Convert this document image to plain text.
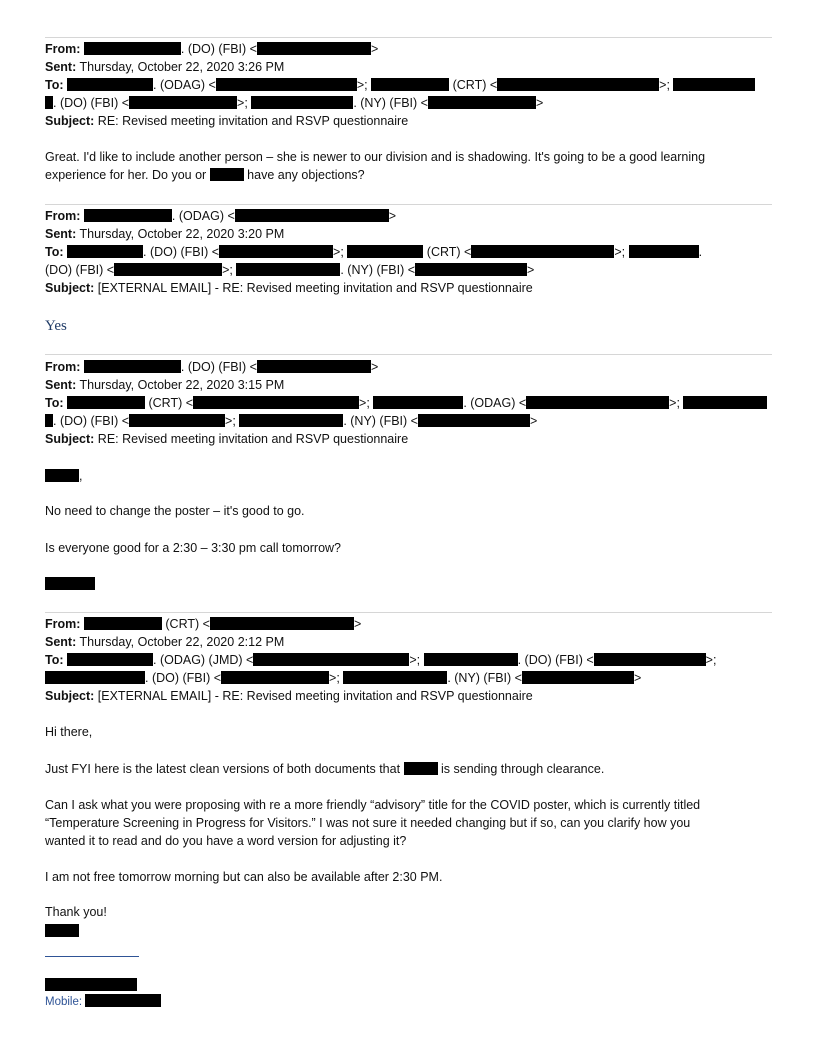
From:	. (DO) (FBI) <	>
Sent: Thursday, October 22, 2020 3:26 PM
To:	. (ODAG) <	>;	(CRT) <	>;
. (DO) (FBI) <	>;	. (NY) (FBI) <	>
Subject: RE: Revised meeting invitation and RSVP questionnaire
Great. I'd like to include another person – she is newer to our division and is shadowing. It's going to be a good learning
experience for her. Do you or	have any objections?
From:	. (ODAG) <	>
Sent: Thursday, October 22, 2020 3:20 PM
To:	. (DO) (FBI) <	>;	(CRT) <	>;	.
(DO) (FBI) <	>;	. (NY) (FBI) <	>
Subject: [EXTERNAL EMAIL] - RE: Revised meeting invitation and RSVP questionnaire
Yes
From:	. (DO) (FBI) <	>
Sent: Thursday, October 22, 2020 3:15 PM
To:	(CRT) <	>;	. (ODAG) <	>;
. (DO) (FBI) <	>;	. (NY) (FBI) <	>
Subject: RE: Revised meeting invitation and RSVP questionnaire
,
No need to change the poster – it's good to go.
Is everyone good for a 2:30 – 3:30 pm call tomorrow?
From:	(CRT) <	>
Sent: Thursday, October 22, 2020 2:12 PM
To:	. (ODAG) (JMD) <	>;	. (DO) (FBI) <	>;
. (DO) (FBI) <	>;	. (NY) (FBI) <	>
Subject: [EXTERNAL EMAIL] - RE: Revised meeting invitation and RSVP questionnaire
Hi there,
Just FYI here is the latest clean versions of both documents that	is sending through clearance.
Can I ask what you were proposing with re a more friendly “advisory” title for the COVID poster, which is currently titled
“Temperature Screening in Progress for Visitors.” I was not sure it needed changing but if so, can you clarify how you
wanted it to read and do you have a word version for adjusting it?
I am not free tomorrow morning but can also be available after 2:30 PM.
Thank you!
Mobile:
